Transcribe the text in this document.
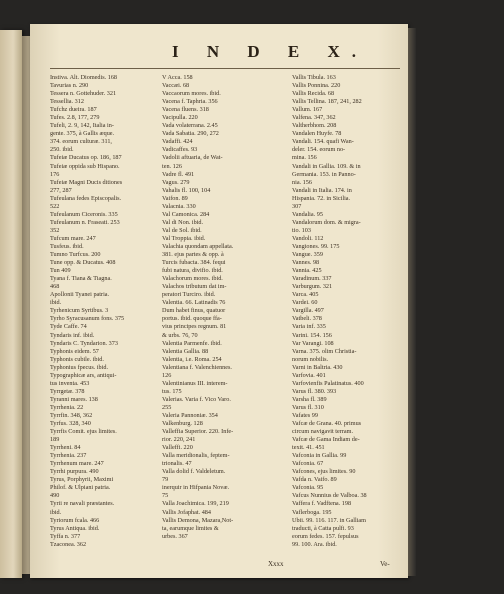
I N D E X.
Instiva. Alt. Diomedis. 168
Tavurias n. 290
Tessera n. Gottehuder. 321
Tessellia. 312
Tufchz dueira. 187
Tufes. 2.8, 177, 279
Tufeli, 2. 9, 142, Italia in-
gente. 375, à Gallis æque.
374. eorum culturæ. 311,
250. ibid.
Tufeiæ Ducatus op. 186, 187
Tufeiæ oppida sub Hispano.
176
Tufeiæ Magni Ducis ditiones
277, 287
Tufeulana fedes Episcopalis.
522
Tufeulanum Ciceronis. 335
Tufeulanum n. Fraseati. 253
352
Tufcum mare. 247
Tusfeus. ibid.
Tumno Turfcus. 200
Tune opp. & Ducatus. 408
Tun 409
Tyana f. Tiana & Tiagna.
468
Apollonii Tyanei patria.
ibid.
Tyrhenicum Syrtibus. 3
Tyrho Syracusanum fons. 375
Tyde Caffe. 74
Tyndaris inf. ibid.
Tyndaris C. Tyndarion. 373
Typhonis eidem. 57
Typhonis cubile. ibid.
Typhonius fpecus. ibid.
Typographicæ ars, antiqui-
tus inventa. 453
Tyrrgetæ. 378
Tyranni mares. 138
Tyrrhenia. 22
Tyrrfin. 348, 362
Tyrfus. 328, 340
Tyrrfis Comit. ejus limites.
189
Tyrrheni. 84
Tyrrhenia. 237
Tyrrhenum mare. 247
Tyrrhi purpura. 490
Tyrus, Porphyrii, Maximi
Philof. & Ulpiani patria.
490
Tyrii re navali præstantes.
ibid.
Tyriorum fcala. 466
Tyrus Antiqua. ibid.
Tyffa n. 377
Tzaconea. 362
V Acca. 158
Vaccæi. 68
Vaccaorum mores. ibid.
Vacena f. Taphria. 356
Vacena fluens. 318
Vacipulla. 220
Vada volaterrana. 2.45
Vada Sabatia. 290, 272
Vadaffi. 424
Vadicaffes. 93
Vadolii aftuaria, de Wat-
ten. 126
Vadre fl. 491
Vagus. 279
Vahalis fl. 100, 104
Vaifon. 89
Valacnia. 330
Val Camonica. 284
Val di Non. ibid.
Val de Sol. ibid.
Val Troppia. ibid.
Valachia quondam appellata.
381. ejus partes & opp. à
Turcis fubacta. 384. fequi
fubi natura, divifio. ibid.
Valachorum mores. ibid.
Valachos tributum dat im-
peratori Turciro. ibid.
Valentia. 66. Latinadis 76
Dum habet finus, quatuor
portus. ibid. quoque ffa-
vius principes regnum. 81
& urbs. 76, 70
Valentia Parmenfe. ibid.
Valentia Gallia. 88
Valentia, i.e. Roma. 254
Valentiana f. Valenchiennes.
126
Valentinianus III. interem-
tus. 175
Valerias. Varia f. Vico Varo.
255
Valeria Pannoniæ. 354
Valkenburg. 128
Valleffia Superior. 220. Infe-
rior. 220, 241
Valleffi. 220
Valla meridionalis, feptem-
trionalis. 47
Valla dolid f. Valdeletum.
79
inerquir in Hifpania Novæ.
75
Valla Joachimica. 199, 219
Vallis Jofaphat. 484
Vallis Demona, Mazara,Not-
ta, earumque limites &
urbes. 367
Vallis Tibula. 163
Vallis Ponnina. 220
Vallis Recida. 68
Vallis Tellina. 187, 241, 282
Vallum. 167
Valfena. 347, 362
Valtherbhom. 208
Vandalen Huyfe. 78
Vandali. 154. quafi Wan-
deler. 154. eorum no-
mina. 156
Vandali in Gallia. 109. & in
Germania. 153. in Panno-
nia. 156
Vandali in Italia. 174. in
Hispania. 72. in Sicilia.
307
Vandalia. 95
Vandalorum dom. & migra-
tio. 103
Vandoli. 112
Vangiones. 99. 175
Vangue. 359
Vannes. 98
Vannia. 425
Varadinum. 337
Varburgum. 321
Varca. 405
Vardei. 60
Vargilla. 497
Vatbeli. 378
Varia inf. 335
Varini. 154. 156
Var Varangi. 108
Varna. 375. olim Christia-
norum nobilis.
Varni in Baltria. 430
Varfovia. 401
Varfovienfis Palatinatus. 400
Varus fl. 380. 393
Varsha fl. 389
Varus fl. 310
Vafates 99
Vafcæ de Grana. 40. primus
circum navigavit terram.
Vafcæ de Gama Indiam de-
texit. 41. 451
Vafconia in Gallia. 99
Vafconia. 67
Vafcones, ejus limites. 90
Vafda n. Vaifo. 89
Vafconia. 95
Vafcus Nunnius de Valboa. 38
Vaffera f. Vadftena. 198
Vaflerboga. 195
Ubii. 99. 116. 117. in Galliam
traducti, à Catta pulfi. 93
eorum fedes. 157. fepulsus
99. 100. Ara. ibid.
Xxxx	Ve-
